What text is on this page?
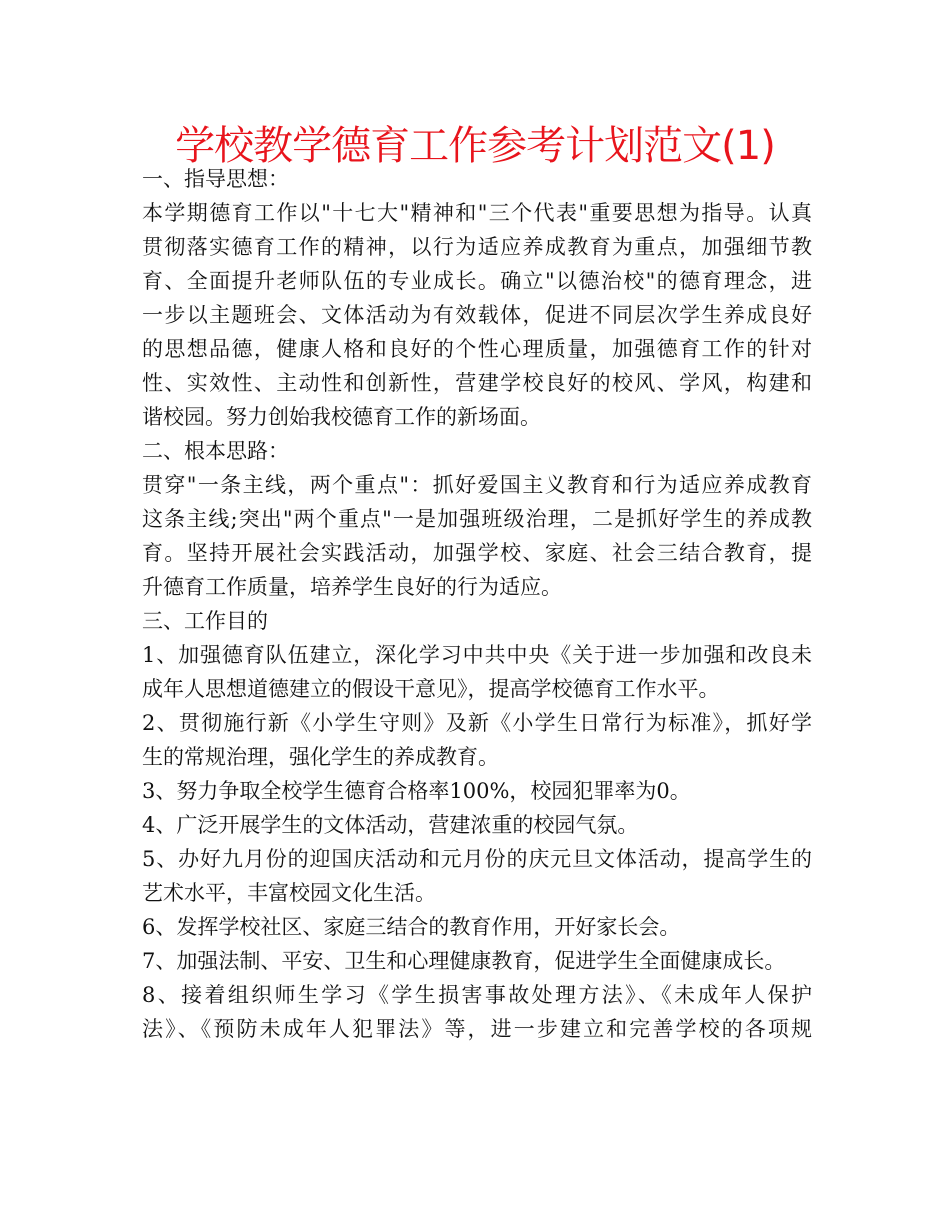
学校教学德育工作参考计划范文(1)
一、指导思想：
本学期德育工作以"十七大"精神和"三个代表"重要思想为指导。认真
贯彻落实德育工作的精神，以行为适应养成教育为重点，加强细节教
育、全面提升老师队伍的专业成长。确立"以德治校"的德育理念，进
一步以主题班会、文体活动为有效载体，促进不同层次学生养成良好
的思想品德，健康人格和良好的个性心理质量，加强德育工作的针对
性、实效性、主动性和创新性，营建学校良好的校风、学风，构建和
谐校园。努力创始我校德育工作的新场面。
二、根本思路：
贯穿"一条主线，两个重点"：抓好爱国主义教育和行为适应养成教育
这条主线;突出"两个重点"一是加强班级治理，二是抓好学生的养成教
育。坚持开展社会实践活动，加强学校、家庭、社会三结合教育，提
升德育工作质量，培养学生良好的行为适应。
三、工作目的
1、加强德育队伍建立，深化学习中共中央《关于进一步加强和改良未
成年人思想道德建立的假设干意见》，提高学校德育工作水平。
2、贯彻施行新《小学生守则》及新《小学生日常行为标准》，抓好学
生的常规治理，强化学生的养成教育。
3、努力争取全校学生德育合格率100%，校园犯罪率为0。
4、广泛开展学生的文体活动，营建浓重的校园气氛。
5、办好九月份的迎国庆活动和元月份的庆元旦文体活动，提高学生的
艺术水平，丰富校园文化生活。
6、发挥学校社区、家庭三结合的教育作用，开好家长会。
7、加强法制、平安、卫生和心理健康教育，促进学生全面健康成长。
8、接着组织师生学习《学生损害事故处理方法》、《未成年人保护
法》、《预防未成年人犯罪法》等，进一步建立和完善学校的各项规
